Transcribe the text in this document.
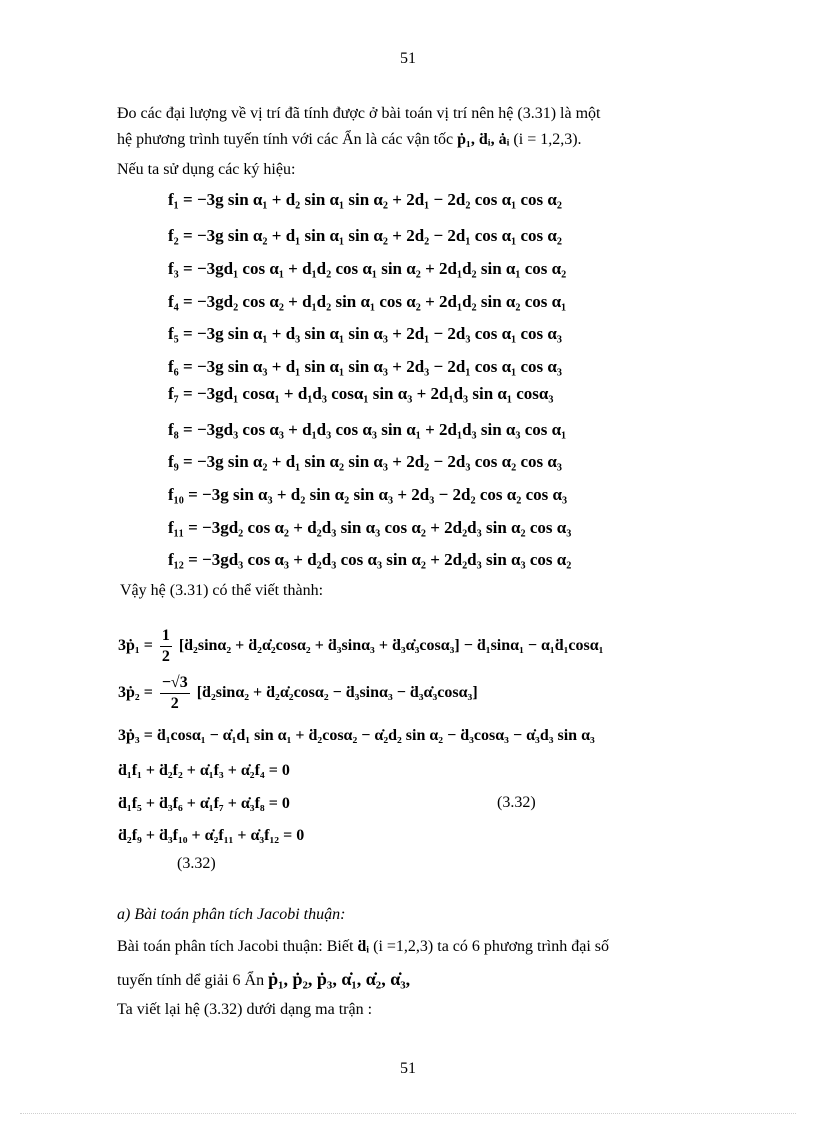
51
Đo các đại lượng về vị trí đã tính được ở bài toán vị trí nên hệ (3.31) là một
hệ phương trình tuyến tính với các Ẩn là các vận tốc ṗ₁, ḋᵢ, ȧᵢ (i = 1,2,3).
Nếu ta sử dụng các ký hiệu:
f₁ = −3g sin α₁ + d₂ sin α₁ sin α₂ + 2d₁ − 2d₂ cos α₁ cos α₂
f₂ = −3g sin α₂ + d₁ sin α₁ sin α₂ + 2d₂ − 2d₁ cos α₁ cos α₂
f₃ = −3gd₁ cos α₁ + d₁d₂ cos α₁ sin α₂ + 2d₁d₂ sin α₁ cos α₂
f₄ = −3gd₂ cos α₂ + d₁d₂ sin α₁ cos α₂ + 2d₁d₂ sin α₂ cos α₁
f₅ = −3g sin α₁ + d₃ sin α₁ sin α₃ + 2d₁ − 2d₃ cos α₁ cos α₃
f₆ = −3g sin α₃ + d₁ sin α₁ sin α₃ + 2d₃ − 2d₁ cos α₁ cos α₃
f₇ = −3gd₁ cosα₁ + d₁d₃ cosα₁ sin α₃ + 2d₁d₃ sin α₁ cosα₃
f₈ = −3gd₃ cos α₃ + d₁d₃ cos α₃ sin α₁ + 2d₁d₃ sin α₃ cos α₁
f₉ = −3g sin α₂ + d₁ sin α₂ sin α₃ + 2d₂ − 2d₃ cos α₂ cos α₃
f₁₀ = −3g sin α₃ + d₂ sin α₂ sin α₃ + 2d₃ − 2d₂ cos α₂ cos α₃
f₁₁ = −3gd₂ cos α₂ + d₂d₃ sin α₃ cos α₂ + 2d₂d₃ sin α₂ cos α₃
f₁₂ = −3gd₃ cos α₃ + d₂d₃ cos α₃ sin α₂ + 2d₂d₃ sin α₃ cos α₂
Vậy hệ (3.31) có thể viết thành:
3ṗ₁ = $\frac{1}{2}$ [ḋ₂sinα₂ + ḋ₂α̇₂cosα₂ + ḋ₃sinα₃ + ḋ₃α̇₃cosα₃] − ḋ₁sinα₁ − α₁ḋ₁cosα₁
3ṗ₂ = $\frac{-√3}{2}$ [ḋ₂sinα₂ + ḋ₂α̇₂cosα₂ − ḋ₃sinα₃ − ḋ₃α̇₃cosα₃]
3ṗ₃ = ḋ₁cosα₁ − α̇₁d₁ sin α₁ + ḋ₂cosα₂ − α̇₂d₂ sin α₂ − ḋ₃cosα₃ − α̇₃d₃ sin α₃
ḋ₁f₁ + ḋ₂f₂ + α̇₁f₃ + α̇₂f₄ = 0
ḋ₁f₅ + ḋ₃f₆ + α̇₁f₇ + α̇₃f₈ = 0	(3.32)
ḋ₂f₉ + ḋ₃f₁₀ + α̇₂f₁₁ + α̇₃f₁₂ = 0
(3.32)
a) Bài toán phân tích Jacobi thuận:
Bài toán phân tích Jacobi thuận: Biết ḋᵢ (i =1,2,3) ta có 6 phương trình đại số
tuyến tính dể giải 6 Ẩn ṗ₁, ṗ₂, ṗ₃, α̇₁, α̇₂, α̇₃,
Ta viết lại hệ (3.32) dưới dạng ma trận :
51
